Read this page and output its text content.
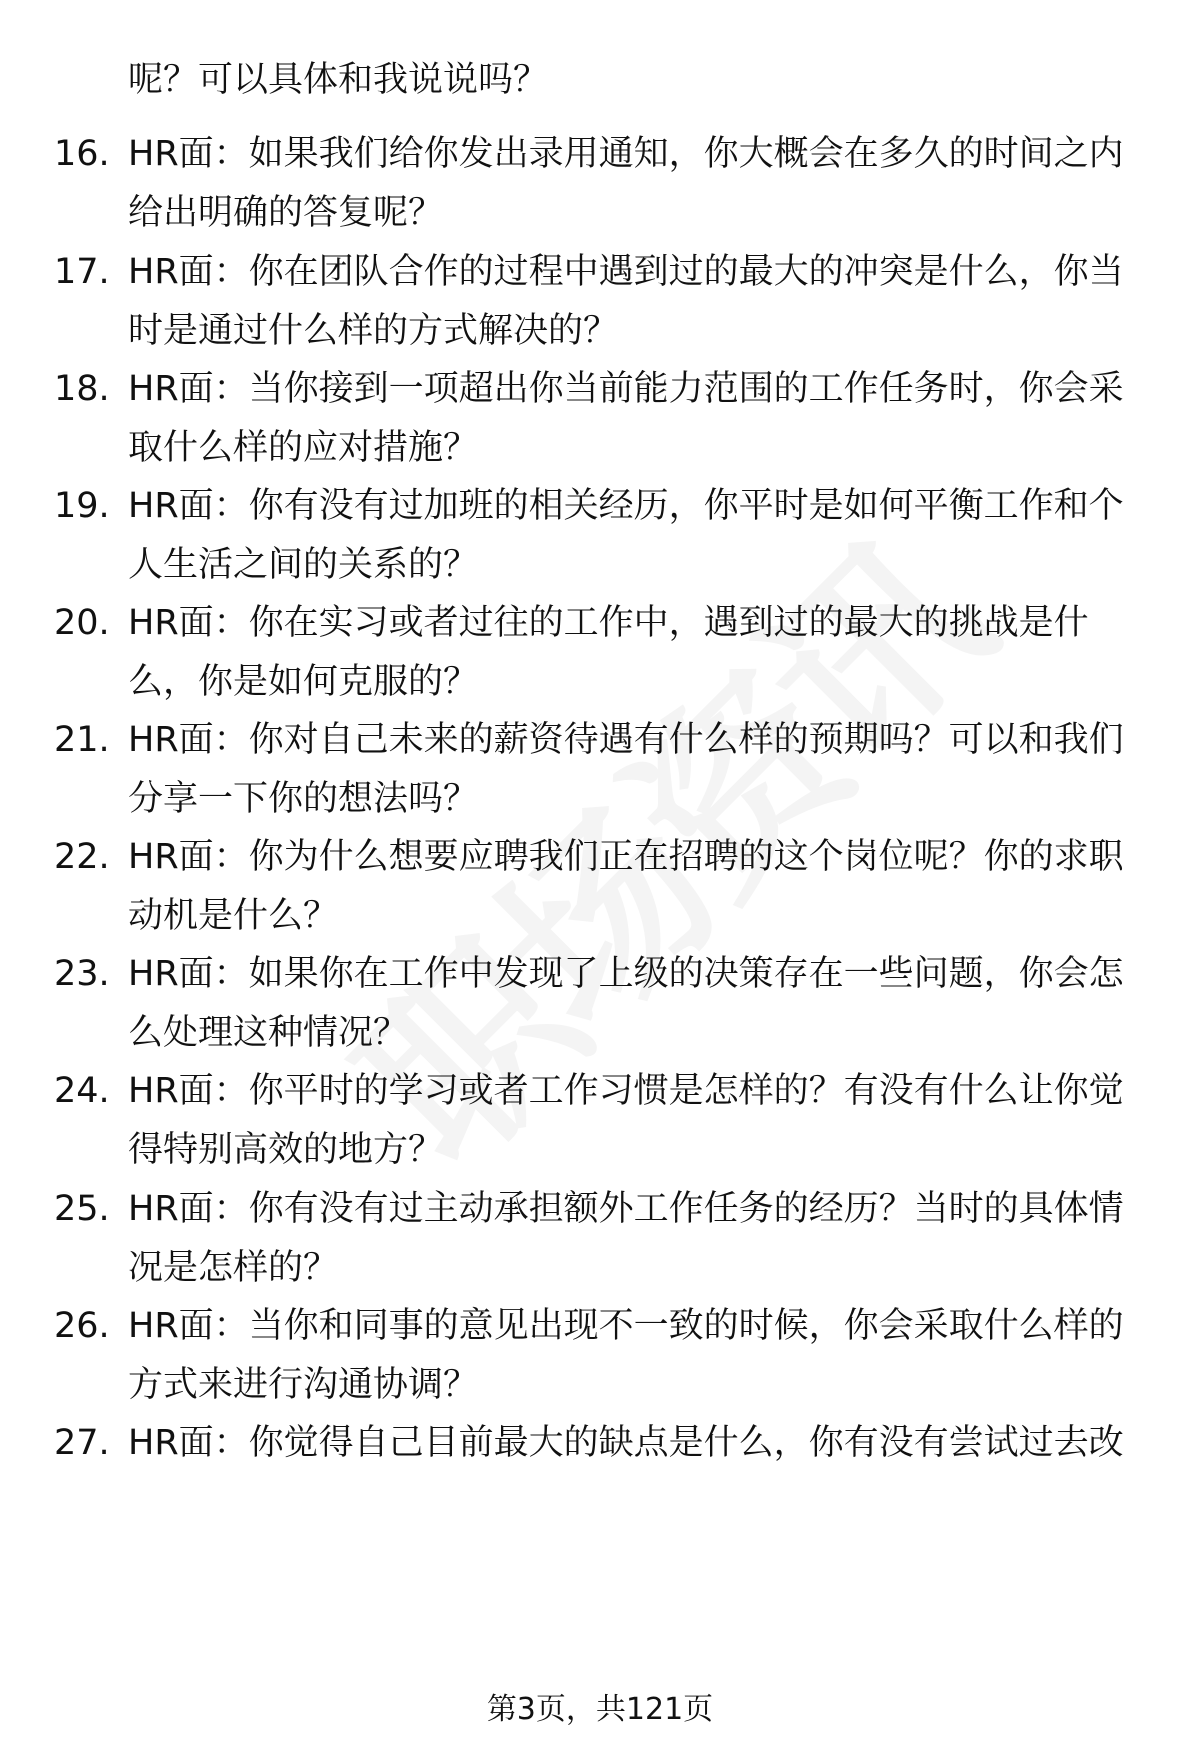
呢？可以具体和我说说吗？
16. HR面：如果我们给你发出录用通知，你大概会在多久的时间之内
给出明确的答复呢？
17. HR面：你在团队合作的过程中遇到过的最大的冲突是什么，你当
时是通过什么样的方式解决的？
18. HR面：当你接到一项超出你当前能力范围的工作任务时，你会采
取什么样的应对措施？
19. HR面：你有没有过加班的相关经历，你平时是如何平衡工作和个
人生活之间的关系的？
20. HR面：你在实习或者过往的工作中，遇到过的最大的挑战是什
么，你是如何克服的？
21. HR面：你对自己未来的薪资待遇有什么样的预期吗？可以和我们
分享一下你的想法吗？
22. HR面：你为什么想要应聘我们正在招聘的这个岗位呢？你的求职
动机是什么？
23. HR面：如果你在工作中发现了上级的决策存在一些问题，你会怎
么处理这种情况？
24. HR面：你平时的学习或者工作习惯是怎样的？有没有什么让你觉
得特别高效的地方？
25. HR面：你有没有过主动承担额外工作任务的经历？当时的具体情
况是怎样的？
26. HR面：当你和同事的意见出现不一致的时候，你会采取什么样的
方式来进行沟通协调？
27. HR面：你觉得自己目前最大的缺点是什么，你有没有尝试过去改
第3页，共121页
